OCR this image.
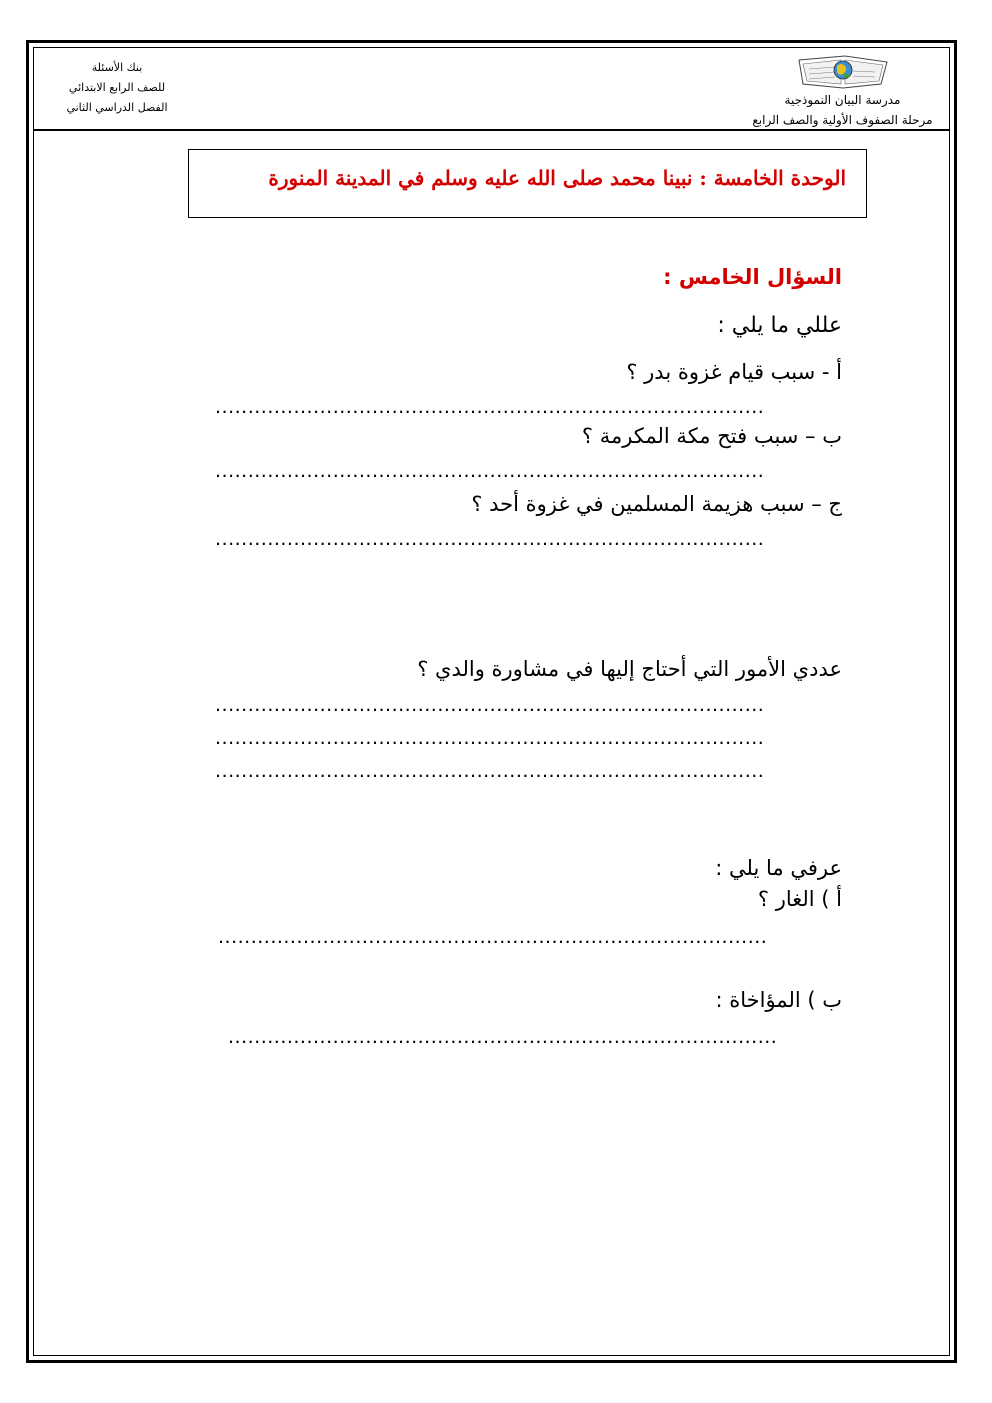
بنك الأسئلة
للصف الرابع الابتدائي
الفصل الدراسي الثاني
مدرسة البيان النموذجية
مرحلة الصفوف الأولية والصف الرابع
الوحدة الخامسة : نبينا محمد صلى الله عليه وسلم في المدينة المنورة
السؤال الخامس :
عللي ما يلي :
أ - سبب قيام غزوة بدر ؟
....................................................................................
ب – سبب فتح مكة المكرمة ؟
....................................................................................
ج – سبب هزيمة المسلمين في غزوة أحد ؟
....................................................................................
عددي الأمور التي أحتاج إليها في مشاورة والدي ؟
....................................................................................
....................................................................................
....................................................................................
عرفي ما يلي :
أ ) الغار ؟
....................................................................................
ب ) المؤاخاة :
....................................................................................
